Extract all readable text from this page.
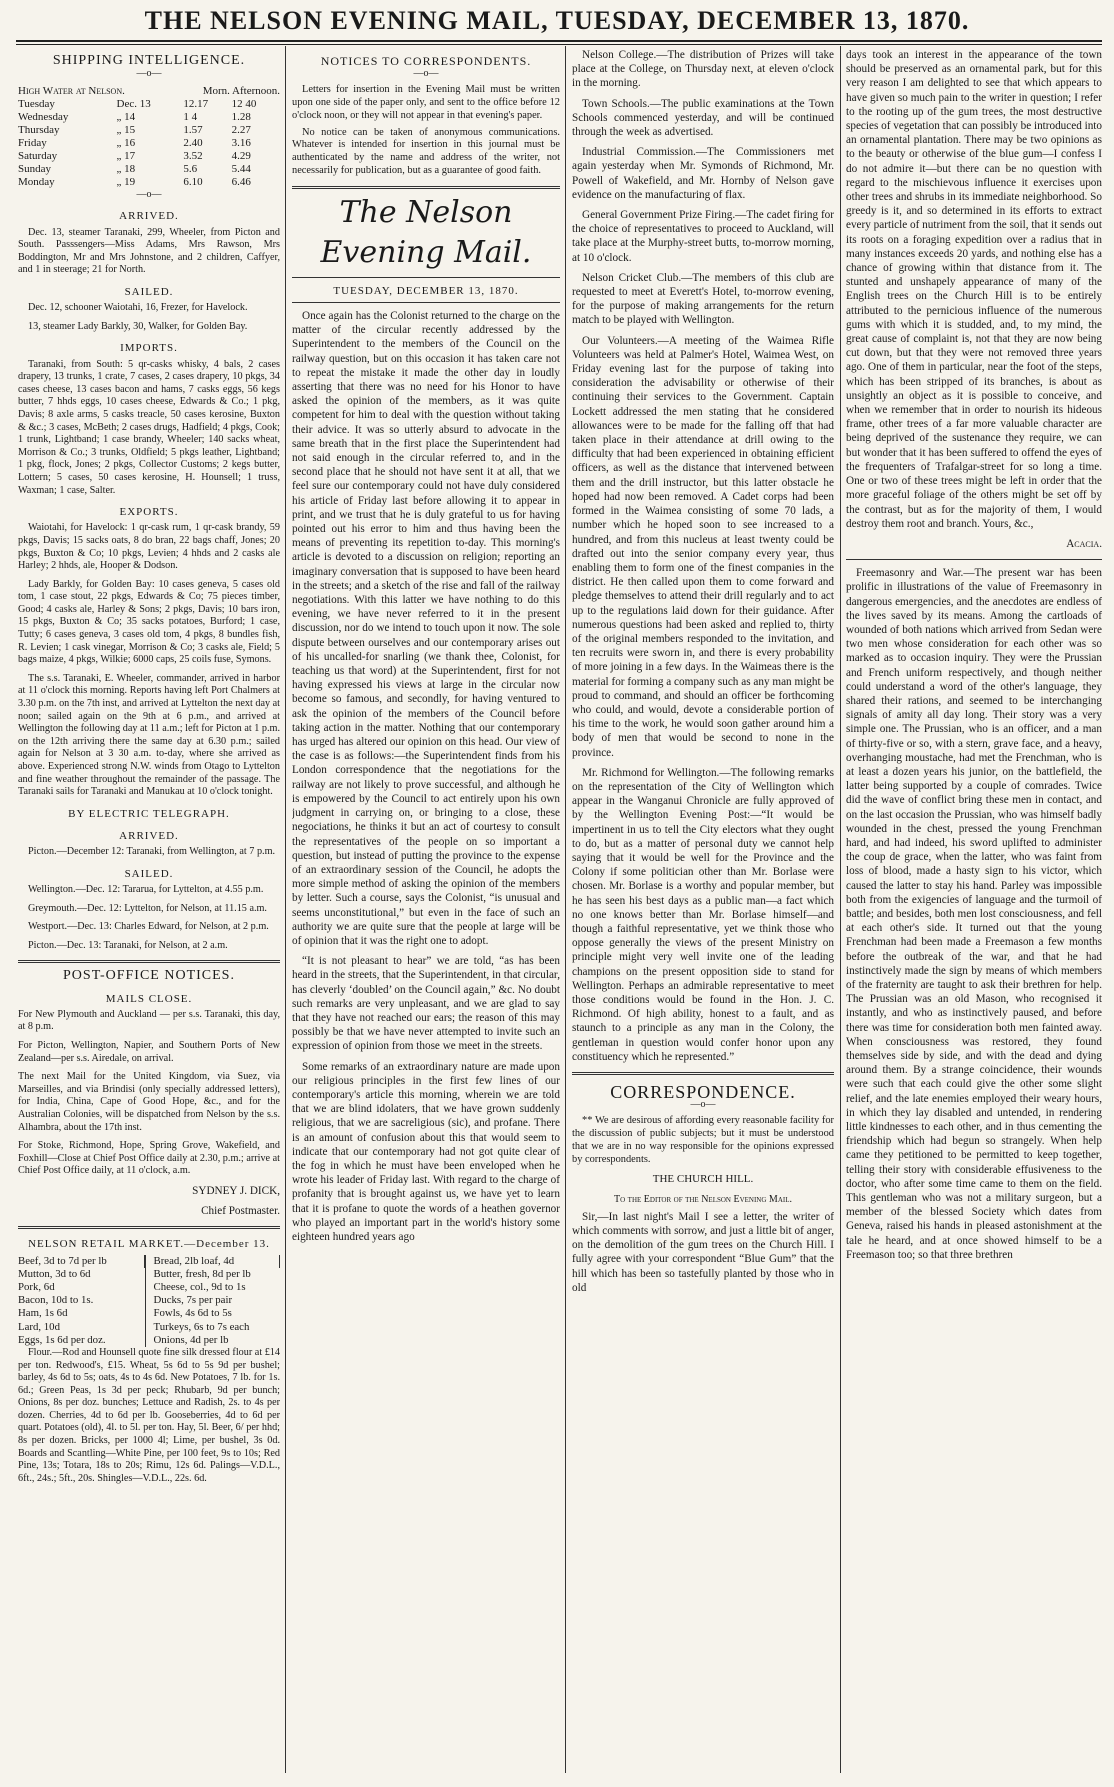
THE NELSON EVENING MAIL, TUESDAY, DECEMBER 13, 1870.
SHIPPING INTELLIGENCE.
—o—
High Water at Nelson.	Morn. Afternoon.
Tuesday	Dec. 13	12.17	12 40
Wednesday	„ 14	1 4	1.28
Thursday	„ 15	1.57	2.27
Friday	„ 16	2.40	3.16
Saturday	„ 17	3.52	4.29
Sunday	„ 18	5.6	5.44
Monday	„ 19	6.10	6.46
—o—
ARRIVED.

Dec. 13, steamer Taranaki, 299, Wheeler, from Picton and South. Passsengers—Miss Adams, Mrs Rawson, Mrs Boddington, Mr and Mrs Johnstone, and 2 children, Caffyer, and 1 in steerage; 21 for North.

SAILED.

Dec. 12, schooner Waiotahi, 16, Frezer, for Havelock.

13, steamer Lady Barkly, 30, Walker, for Golden Bay.

IMPORTS.

Taranaki, from South: 5 qr-casks whisky, 4 bals, 2 cases drapery, 13 trunks, 1 crate, 7 cases, 2 cases drapery, 10 pkgs, 34 cases cheese, 13 cases bacon and hams, 7 casks eggs, 56 kegs butter, 7 hhds eggs, 10 cases cheese, Edwards & Co.; 1 pkg, Davis; 8 axle arms, 5 casks treacle, 50 cases kerosine, Buxton & &c.; 3 cases, McBeth; 2 cases drugs, Hadfield; 4 pkgs, Cook; 1 trunk, Lightband; 1 case brandy, Wheeler; 140 sacks wheat, Morrison & Co.; 3 trunks, Oldfield; 5 pkgs leather, Lightband; 1 pkg, flock, Jones; 2 pkgs, Collector Customs; 2 kegs butter, Lottern; 5 cases, 50 cases kerosine, H. Hounsell; 1 truss, Waxman; 1 case, Salter.

EXPORTS.

Waiotahi, for Havelock: 1 qr-cask rum, 1 qr-cask brandy, 59 pkgs, Davis; 15 sacks oats, 8 do bran, 22 bags chaff, Jones; 20 pkgs, Buxton & Co; 10 pkgs, Levien; 4 hhds and 2 casks ale Harley; 2 hhds, ale, Hooper & Dodson.

Lady Barkly, for Golden Bay: 10 cases geneva, 5 cases old tom, 1 case stout, 22 pkgs, Edwards & Co; 75 pieces timber, Good; 4 casks ale, Harley & Sons; 2 pkgs, Davis; 10 bars iron, 15 pkgs, Buxton & Co; 35 sacks potatoes, Burford; 1 case, Tutty; 6 cases geneva, 3 cases old tom, 4 pkgs, 8 bundles fish, R. Levien; 1 cask vinegar, Morrison & Co; 3 casks ale, Field; 5 bags maize, 4 pkgs, Wilkie; 6000 caps, 25 coils fuse, Symons.

The s.s. Taranaki, E. Wheeler, commander, arrived in harbor at 11 o'clock this morning. Reports having left Port Chalmers at 3.30 p.m. on the 7th inst, and arrived at Lyttelton the next day at noon; sailed again on the 9th at 6 p.m., and arrived at Wellington the following day at 11 a.m.; left for Picton at 1 p.m. on the 12th arriving there the same day at 6.30 p.m.; sailed again for Nelson at 3 30 a.m. to-day, where she arrived as above. Experienced strong N.W. winds from Otago to Lyttelton and fine weather throughout the remainder of the passage. The Taranaki sails for Taranaki and Manukau at 10 o'clock tonight.

BY ELECTRIC TELEGRAPH.
ARRIVED.

Picton.—December 12: Taranaki, from Wellington, at 7 p.m.

SAILED.

Wellington.—Dec. 12: Tararua, for Lyttelton, at 4.55 p.m.

Greymouth.—Dec. 12: Lyttelton, for Nelson, at 11.15 a.m.

Westport.—Dec. 13: Charles Edward, for Nelson, at 2 p.m.

Picton.—Dec. 13: Taranaki, for Nelson, at 2 a.m.

POST-OFFICE NOTICES.
MAILS CLOSE.

For New Plymouth and Auckland — per s.s. Taranaki, this day, at 8 p.m.

For Picton, Wellington, Napier, and Southern Ports of New Zealand—per s.s. Airedale, on arrival.

The next Mail for the United Kingdom, via Suez, via Marseilles, and via Brindisi (only specially addressed letters), for India, China, Cape of Good Hope, &c., and for the Australian Colonies, will be dispatched from Nelson by the s.s. Alhambra, about the 17th inst.

For Stoke, Richmond, Hope, Spring Grove, Wakefield, and Foxhill—Close at Chief Post Office daily at 2.30, p.m.; arrive at Chief Post Office daily, at 11 o'clock, a.m.

SYDNEY J. DICK,
Chief Postmaster.
NELSON RETAIL MARKET.—December 13.
Beef, 3d to 7d per lb
Mutton, 3d to 6d
Pork, 6d
Bacon, 10d to 1s.
Ham, 1s 6d
Lard, 10d
Eggs, 1s 6d per doz.
Bread, 2lb loaf, 4d
Butter, fresh, 8d per lb
Cheese, col., 9d to 1s
Ducks, 7s per pair
Fowls, 4s 6d to 5s
Turkeys, 6s to 7s each
Onions, 4d per lb

Flour.—Rod and Hounsell quote fine silk dressed flour at £14 per ton. Redwood's, £15. Wheat, 5s 6d to 5s 9d per bushel; barley, 4s 6d to 5s; oats, 4s to 4s 6d. New Potatoes, 7 lb. for 1s. 6d.; Green Peas, 1s 3d per peck; Rhubarb, 9d per bunch; Onions, 8s per doz. bunches; Lettuce and Radish, 2s. to 4s per dozen. Cherries, 4d to 6d per lb. Gooseberries, 4d to 6d per quart. Potatoes (old), 4l. to 5l. per ton. Hay, 5l. Beer, 6/ per hhd; 8s per dozen. Bricks, per 1000 4l; Lime, per bushel, 3s 0d. Boards and Scantling—White Pine, per 100 feet, 9s to 10s; Red Pine, 13s; Totara, 18s to 20s; Rimu, 12s 6d. Palings—V.D.L., 6ft., 24s.; 5ft., 20s. Shingles—V.D.L., 22s. 6d.

NOTICES TO CORRESPONDENTS.
—o—
Letters for insertion in the Evening Mail must be written upon one side of the paper only, and sent to the office before 12 o'clock noon, or they will not appear in that evening's paper.
No notice can be taken of anonymous communications. Whatever is intended for insertion in this journal must be authenticated by the name and address of the writer, not necessarily for publication, but as a guarantee of good faith.
The Nelson Evening Mail.
TUESDAY, DECEMBER 13, 1870.

Once again has the Colonist returned to the charge on the matter of the circular recently addressed by the Superintendent to the members of the Council on the railway question, but on this occasion it has taken care not to repeat the mistake it made the other day in loudly asserting that there was no need for his Honor to have asked the opinion of the members, as it was quite competent for him to deal with the question without taking their advice. It was so utterly absurd to advocate in the same breath that in the first place the Superintendent had not said enough in the circular referred to, and in the second place that he should not have sent it at all, that we feel sure our contemporary could not have duly considered his article of Friday last before allowing it to appear in print, and we trust that he is duly grateful to us for having pointed out his error to him and thus having been the means of preventing its repetition to-day. This morning's article is devoted to a discussion on religion; reporting an imaginary conversation that is supposed to have been heard in the streets; and a sketch of the rise and fall of the railway negotiations. With this latter we have nothing to do this evening, we have never referred to it in the present discussion, nor do we intend to touch upon it now. The sole dispute between ourselves and our contemporary arises out of his uncalled-for snarling (we thank thee, Colonist, for teaching us that word) at the Superintendent, first for not having expressed his views at large in the circular now become so famous, and secondly, for having ventured to ask the opinion of the members of the Council before taking action in the matter. Nothing that our contemporary has urged has altered our opinion on this head. Our view of the case is as follows:—the Superintendent finds from his London correspondence that the negotiations for the railway are not likely to prove successful, and although he is empowered by the Council to act entirely upon his own judgment in carrying on, or bringing to a close, these negociations, he thinks it but an act of courtesy to consult the representatives of the people on so important a question, but instead of putting the province to the expense of an extraordinary session of the Council, he adopts the more simple method of asking the opinion of the members by letter. Such a course, says the Colonist, “is unusual and seems unconstitutional,” but even in the face of such an authority we are quite sure that the people at large will be of opinion that it was the right one to adopt.

“It is not pleasant to hear” we are told, “as has been heard in the streets, that the Superintendent, in that circular, has cleverly ‘doubled’ on the Council again,” &c. No doubt such remarks are very unpleasant, and we are glad to say that they have not reached our ears; the reason of this may possibly be that we have never attempted to invite such an expression of opinion from those we meet in the streets.

Some remarks of an extraordinary nature are made upon our religious principles in the first few lines of our contemporary's article this morning, wherein we are told that we are blind idolaters, that we have grown suddenly religious, that we are sacreligious (sic), and profane. There is an amount of confusion about this that would seem to indicate that our contemporary had not got quite clear of the fog in which he must have been enveloped when he wrote his leader of Friday last. With regard to the charge of profanity that is brought against us, we have yet to learn that it is profane to quote the words of a heathen governor who played an important part in the world's history some eighteen hundred years ago

Nelson College.—The distribution of Prizes will take place at the College, on Thursday next, at eleven o'clock in the morning.

Town Schools.—The public examinations at the Town Schools commenced yesterday, and will be continued through the week as advertised.

Industrial Commission.—The Commissioners met again yesterday when Mr. Symonds of Richmond, Mr. Powell of Wakefield, and Mr. Hornby of Nelson gave evidence on the manufacturing of flax.

General Government Prize Firing.—The cadet firing for the choice of representatives to proceed to Auckland, will take place at the Murphy-street butts, to-morrow morning, at 10 o'clock.

Nelson Cricket Club.—The members of this club are requested to meet at Everett's Hotel, to-morrow evening, for the purpose of making arrangements for the return match to be played with Wellington.

Our Volunteers.—A meeting of the Waimea Rifle Volunteers was held at Palmer's Hotel, Waimea West, on Friday evening last for the purpose of taking into consideration the advisability or otherwise of their continuing their services to the Government. Captain Lockett addressed the men stating that he considered allowances were to be made for the falling off that had taken place in their attendance at drill owing to the difficulty that had been experienced in obtaining efficient officers, as well as the distance that intervened between them and the drill instructor, but this latter obstacle he hoped had now been removed. A Cadet corps had been formed in the Waimea consisting of some 70 lads, a number which he hoped soon to see increased to a hundred, and from this nucleus at least twenty could be drafted out into the senior company every year, thus enabling them to form one of the finest companies in the district. He then called upon them to come forward and pledge themselves to attend their drill regularly and to act up to the regulations laid down for their guidance. After numerous questions had been asked and replied to, thirty of the original members responded to the invitation, and ten recruits were sworn in, and there is every probability of more joining in a few days. In the Waimeas there is the material for forming a company such as any man might be proud to command, and should an officer be forthcoming who could, and would, devote a considerable portion of his time to the work, he would soon gather around him a body of men that would be second to none in the province.

Mr. Richmond for Wellington.—The following remarks on the representation of the City of Wellington which appear in the Wanganui Chronicle are fully approved of by the Wellington Evening Post:—“It would be impertinent in us to tell the City electors what they ought to do, but as a matter of personal duty we cannot help saying that it would be well for the Province and the Colony if some politician other than Mr. Borlase were chosen. Mr. Borlase is a worthy and popular member, but he has seen his best days as a public man—a fact which no one knows better than Mr. Borlase himself—and though a faithful representative, yet we think those who oppose generally the views of the present Ministry on principle might very well invite one of the leading champions on the present opposition side to stand for Wellington. Perhaps an admirable representative to meet those conditions would be found in the Hon. J. C. Richmond. Of high ability, honest to a fault, and as staunch to a principle as any man in the Colony, the gentleman in question would confer honor upon any constituency which he represented.”

CORRESPONDENCE.
—o—
** We are desirous of affording every reasonable facility for the discussion of public subjects; but it must be understood that we are in no way responsible for the opinions expressed by correspondents.
THE CHURCH HILL.
To the Editor of the Nelson Evening Mail.

Sir,—In last night's Mail I see a letter, the writer of which comments with sorrow, and just a little bit of anger, on the demolition of the gum trees on the Church Hill. I fully agree with your correspondent “Blue Gum” that the hill which has been so tastefully planted by those who in old

days took an interest in the appearance of the town should be preserved as an ornamental park, but for this very reason I am delighted to see that which appears to have given so much pain to the writer in question; I refer to the rooting up of the gum trees, the most destructive species of vegetation that can possibly be introduced into an ornamental plantation. There may be two opinions as to the beauty or otherwise of the blue gum—I confess I do not admire it—but there can be no question with regard to the mischievous influence it exercises upon other trees and shrubs in its immediate neighborhood. So greedy is it, and so determined in its efforts to extract every particle of nutriment from the soil, that it sends out its roots on a foraging expedition over a radius that in many instances exceeds 20 yards, and nothing else has a chance of growing within that distance from it. The stunted and unshapely appearance of many of the English trees on the Church Hill is to be entirely attributed to the pernicious influence of the numerous gums with which it is studded, and, to my mind, the great cause of complaint is, not that they are now being cut down, but that they were not removed three years ago. One of them in particular, near the foot of the steps, which has been stripped of its branches, is about as unsightly an object as it is possible to conceive, and when we remember that in order to nourish its hideous frame, other trees of a far more valuable character are being deprived of the sustenance they require, we can but wonder that it has been suffered to offend the eyes of the frequenters of Trafalgar-street for so long a time. One or two of these trees might be left in order that the more graceful foliage of the others might be set off by the contrast, but as for the majority of them, I would destroy them root and branch. Yours, &c.,

Acacia.

Freemasonry and War.—The present war has been prolific in illustrations of the value of Freemasonry in dangerous emergencies, and the anecdotes are endless of the lives saved by its means. Among the cartloads of wounded of both nations which arrived from Sedan were two men whose consideration for each other was so marked as to occasion inquiry. They were the Prussian and French uniform respectively, and though neither could understand a word of the other's language, they shared their rations, and seemed to be interchanging signals of amity all day long. Their story was a very simple one. The Prussian, who is an officer, and a man of thirty-five or so, with a stern, grave face, and a heavy, overhanging moustache, had met the Frenchman, who is at least a dozen years his junior, on the battlefield, the latter being supported by a couple of comrades. Twice did the wave of conflict bring these men in contact, and on the last occasion the Prussian, who was himself badly wounded in the chest, pressed the young Frenchman hard, and had indeed, his sword uplifted to administer the coup de grace, when the latter, who was faint from loss of blood, made a hasty sign to his victor, which caused the latter to stay his hand. Parley was impossible both from the exigencies of language and the turmoil of battle; and besides, both men lost consciousness, and fell at each other's side. It turned out that the young Frenchman had been made a Freemason a few months before the outbreak of the war, and that he had instinctively made the sign by means of which members of the fraternity are taught to ask their brethren for help. The Prussian was an old Mason, who recognised it instantly, and who as instinctively paused, and before there was time for consideration both men fainted away. When consciousness was restored, they found themselves side by side, and with the dead and dying around them. By a strange coincidence, their wounds were such that each could give the other some slight relief, and the late enemies employed their weary hours, in which they lay disabled and untended, in rendering little kindnesses to each other, and in thus cementing the friendship which had begun so strangely. When help came they petitioned to be permitted to keep together, telling their story with considerable effusiveness to the doctor, who after some time came to them on the field. This gentleman who was not a military surgeon, but a member of the blessed Society which dates from Geneva, raised his hands in pleased astonishment at the tale he heard, and at once showed himself to be a Freemason too; so that three brethren
